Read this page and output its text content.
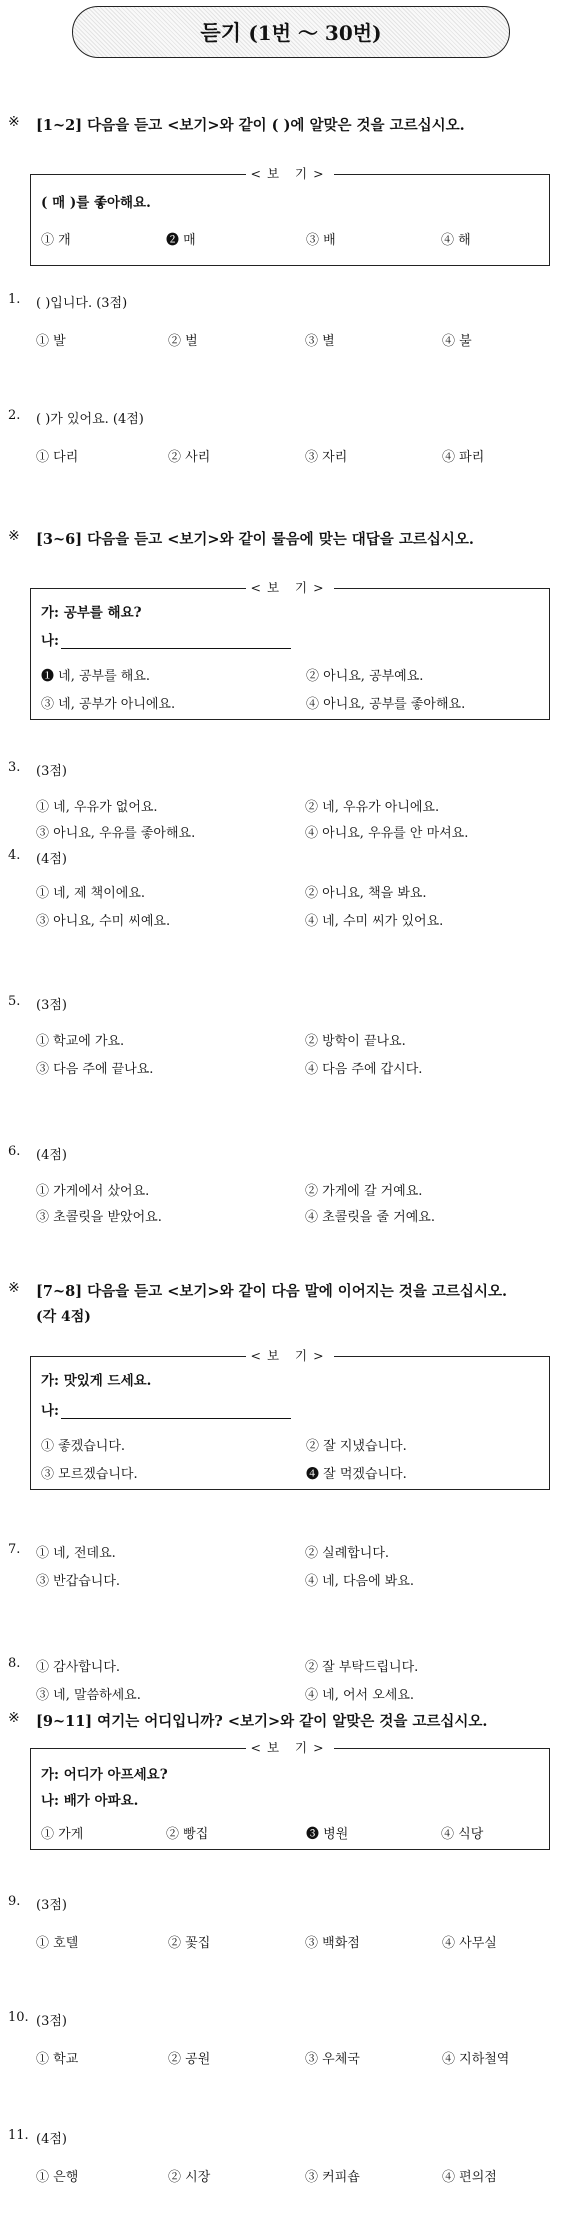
듣기 (1번 ～ 30번)
※ [1~2] 다음을 듣고 <보기>와 같이 ( )에 알맞은 것을 고르십시오.
<보 기>
( 매 )를 좋아해요.
① 개	❷ 매	③ 배	④ 해
1. ( )입니다. (3점)
① 발	② 벌	③ 별	④ 불
2. ( )가 있어요. (4점)
① 다리	② 사리	③ 자리	④ 파리
※ [3~6] 다음을 듣고 <보기>와 같이 물음에 맞는 대답을 고르십시오.
<보 기>
가: 공부를 해요?
나:
❶ 네, 공부를 해요.	② 아니요, 공부예요.
③ 네, 공부가 아니에요.	④ 아니요, 공부를 좋아해요.
3. (3점)
① 네, 우유가 없어요.	② 네, 우유가 아니에요.
③ 아니요, 우유를 좋아해요.	④ 아니요, 우유를 안 마셔요.
4. (4점)
① 네, 제 책이에요.	② 아니요, 책을 봐요.
③ 아니요, 수미 씨예요.	④ 네, 수미 씨가 있어요.
5. (3점)
① 학교에 가요.	② 방학이 끝나요.
③ 다음 주에 끝나요.	④ 다음 주에 갑시다.
6. (4점)
① 가게에서 샀어요.	② 가게에 갈 거예요.
③ 초콜릿을 받았어요.	④ 초콜릿을 줄 거예요.
※ [7~8] 다음을 듣고 <보기>와 같이 다음 말에 이어지는 것을 고르십시오.
(각 4점)
<보 기>
가: 맛있게 드세요.
나:
① 좋겠습니다.	② 잘 지냈습니다.
③ 모르겠습니다.	❹ 잘 먹겠습니다.
7. ① 네, 전데요.	② 실례합니다.
③ 반갑습니다.	④ 네, 다음에 봐요.
8. ① 감사합니다.	② 잘 부탁드립니다.
③ 네, 말씀하세요.	④ 네, 어서 오세요.
※ [9~11] 여기는 어디입니까? <보기>와 같이 알맞은 것을 고르십시오.
<보 기>
가: 어디가 아프세요?
나: 배가 아파요.
① 가게	② 빵집	❸ 병원	④ 식당
9. (3점)
① 호텔	② 꽃집	③ 백화점	④ 사무실
10. (3점)
① 학교	② 공원	③ 우체국	④ 지하철역
11. (4점)
① 은행	② 시장	③ 커피숍	④ 편의점
